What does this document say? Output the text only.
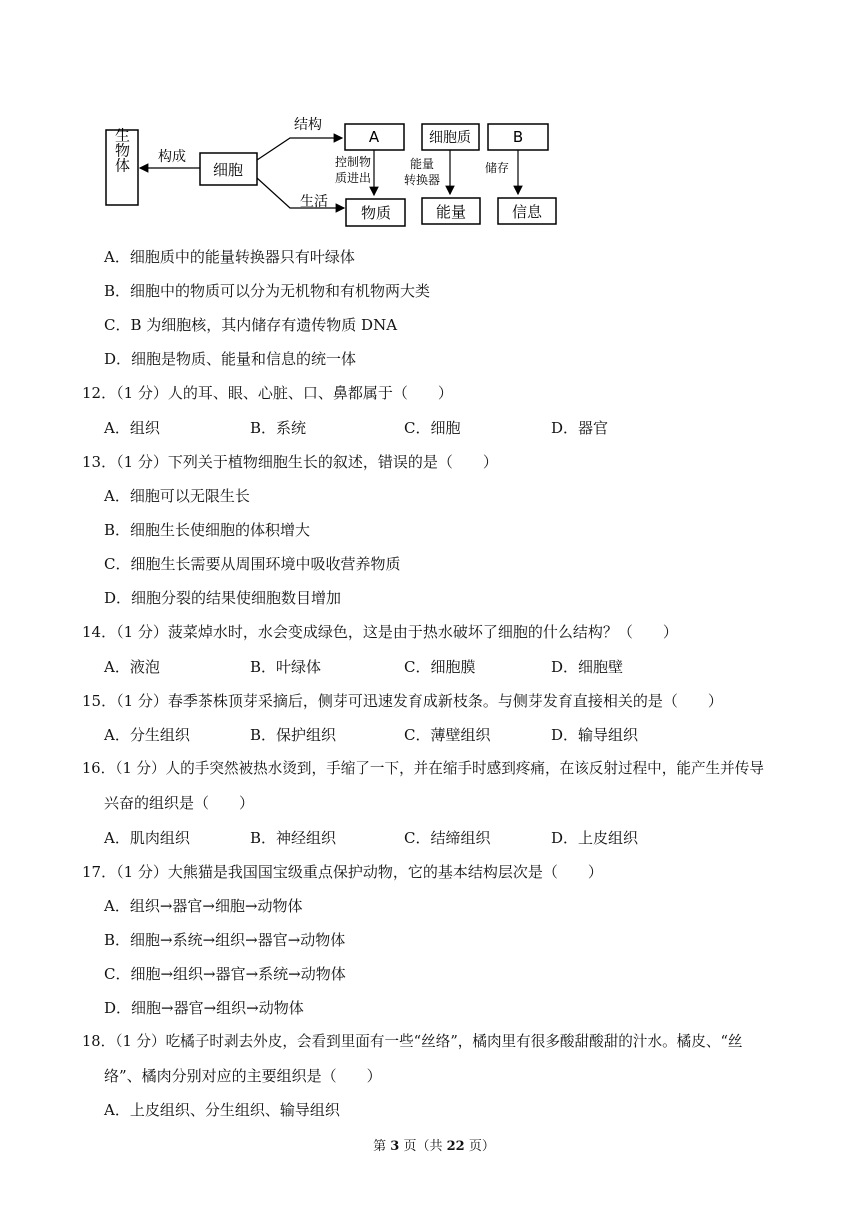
生物体	细胞
构成
结构
生活
A	细胞质	B
控制物
质进出
能量
转换器
储存
物质	能量	信息
A．细胞质中的能量转换器只有叶绿体
B．细胞中的物质可以分为无机物和有机物两大类
C．B 为细胞核，其内储存有遗传物质 DNA
D．细胞是物质、能量和信息的统一体
12．（1 分）人的耳、眼、心脏、口、鼻都属于（　　）
A．组织	B．系统	C．细胞	D．器官
13．（1 分）下列关于植物细胞生长的叙述，错误的是（　　）
A．细胞可以无限生长
B．细胞生长使细胞的体积增大
C．细胞生长需要从周围环境中吸收营养物质
D．细胞分裂的结果使细胞数目增加
14．（1 分）菠菜焯水时，水会变成绿色，这是由于热水破坏了细胞的什么结构？（　　）
A．液泡	B．叶绿体	C．细胞膜	D．细胞壁
15．（1 分）春季茶株顶芽采摘后，侧芽可迅速发育成新枝条。与侧芽发育直接相关的是（　　）
A．分生组织	B．保护组织	C．薄壁组织	D．输导组织
16．（1 分）人的手突然被热水烫到，手缩了一下，并在缩手时感到疼痛，在该反射过程中，能产生并传导
兴奋的组织是（　　）
A．肌肉组织	B．神经组织	C．结缔组织	D．上皮组织
17．（1 分）大熊猫是我国国宝级重点保护动物，它的基本结构层次是（　　）
A．组织→器官→细胞→动物体
B．细胞→系统→组织→器官→动物体
C．细胞→组织→器官→系统→动物体
D．细胞→器官→组织→动物体
18．（1 分）吃橘子时剥去外皮，会看到里面有一些“丝络”，橘肉里有很多酸甜酸甜的汁水。橘皮、“丝
络”、橘肉分别对应的主要组织是（　　）
A．上皮组织、分生组织、输导组织
第 3 页（共 22 页）
